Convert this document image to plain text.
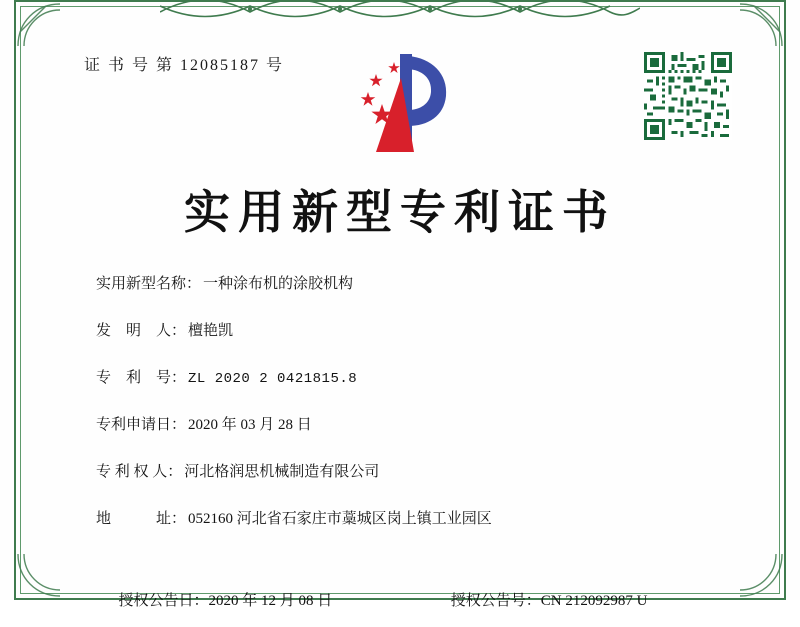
证 书 号 第 12085187 号
实用新型专利证书
实用新型名称： 一种涂布机的涂胶机构
发　明　人： 檀艳凯
专　利　号： ZL 2020 2 0421815.8
专利申请日： 2020 年 03 月 28 日
专 利 权 人： 河北格润思机械制造有限公司
地　　　址： 052160 河北省石家庄市藁城区岗上镇工业园区

授权公告日：2020 年 12 月 08 日
	授权公告号：CN 212092987 U
